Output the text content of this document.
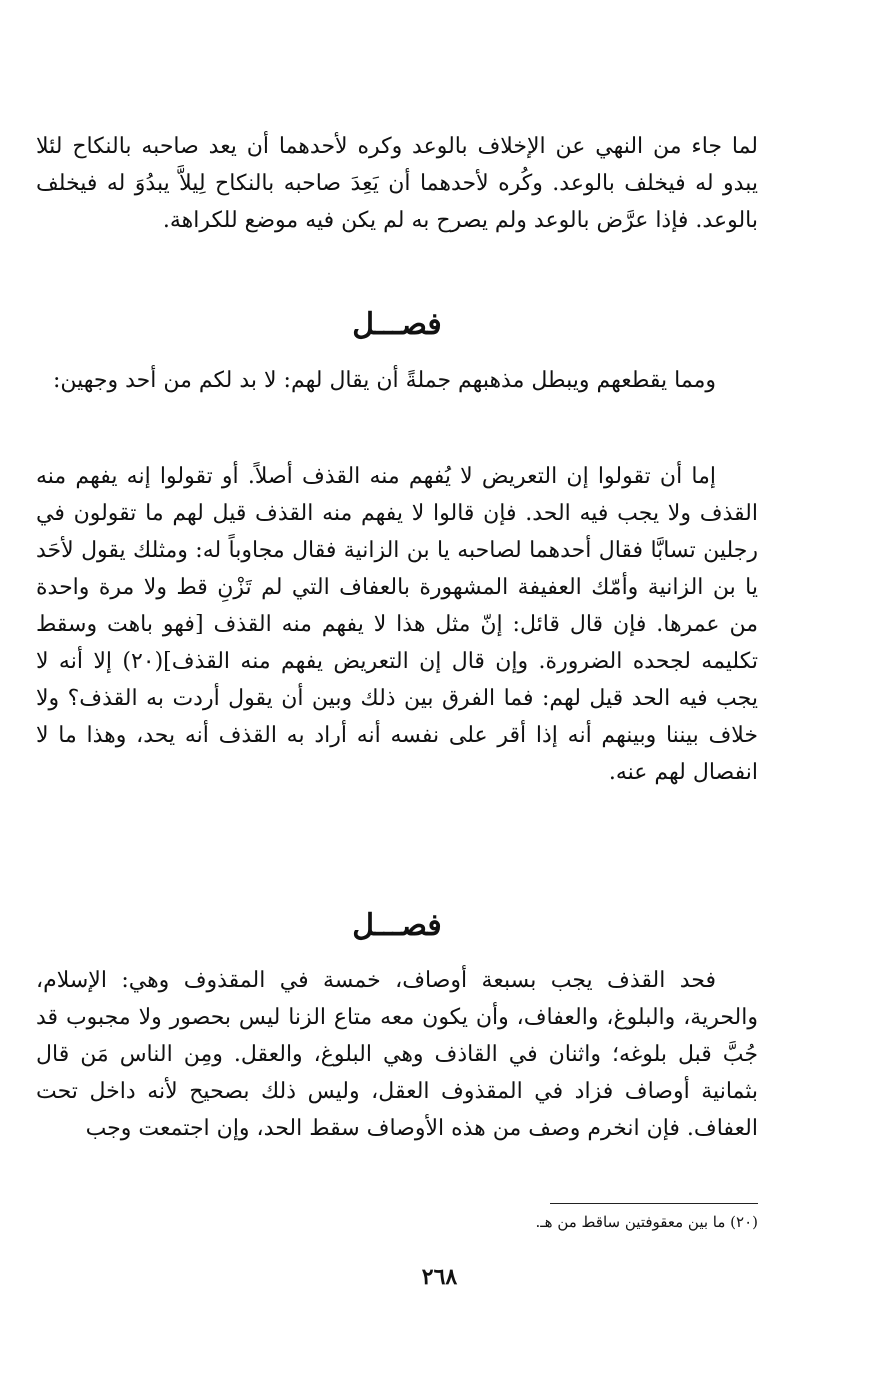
لما جاء من النهي عن الإخلاف بالوعد وكره لأحدهما أن يعد صاحبه بالنكاح لئلا يبدو له فيخلف بالوعد. وكُره لأحدهما أن يَعِدَ صاحبه بالنكاح لِيلاَّ يبدُوَ له فيخلف بالوعد. فإذا عرَّض بالوعد ولم يصرح به لم يكن فيه موضع للكراهة.

فصـــل

ومما يقطعهم ويبطل مذهبهم جملةً أن يقال لهم: لا بد لكم من أحد وجهين:

إما أن تقولوا إن التعريض لا يُفهم منه القذف أصلاً. أو تقولوا إنه يفهم منه القذف ولا يجب فيه الحد. فإن قالوا لا يفهم منه القذف قيل لهم ما تقولون في رجلين تسابَّا فقال أحدهما لصاحبه يا بن الزانية فقال مجاوباً له: ومثلك يقول لأحَد يا بن الزانية وأمّك العفيفة المشهورة بالعفاف التي لم تَزْنِ قط ولا مرة واحدة من عمرها. فإن قال قائل: إنّ مثل هذا لا يفهم منه القذف [فهو باهت وسقط تكليمه لجحده الضرورة. وإن قال إن التعريض يفهم منه القذف](٢٠) إلا أنه لا يجب فيه الحد قيل لهم: فما الفرق بين ذلك وبين أن يقول أردت به القذف؟ ولا خلاف بيننا وبينهم أنه إذا أقر على نفسه أنه أراد به القذف أنه يحد، وهذا ما لا انفصال لهم عنه.

فصـــل

فحد القذف يجب بسبعة أوصاف، خمسة في المقذوف وهي: الإسلام، والحرية، والبلوغ، والعفاف، وأن يكون معه متاع الزنا ليس بحصور ولا مجبوب قد جُبَّ قبل بلوغه؛ واثنان في القاذف وهي البلوغ، والعقل. ومِن الناس مَن قال بثمانية أوصاف فزاد في المقذوف العقل، وليس ذلك بصحيح لأنه داخل تحت العفاف. فإن انخرم وصف من هذه الأوصاف سقط الحد، وإن اجتمعت وجب

(٢٠) ما بين معقوفتين ساقط من هـ.
٢٦٨
